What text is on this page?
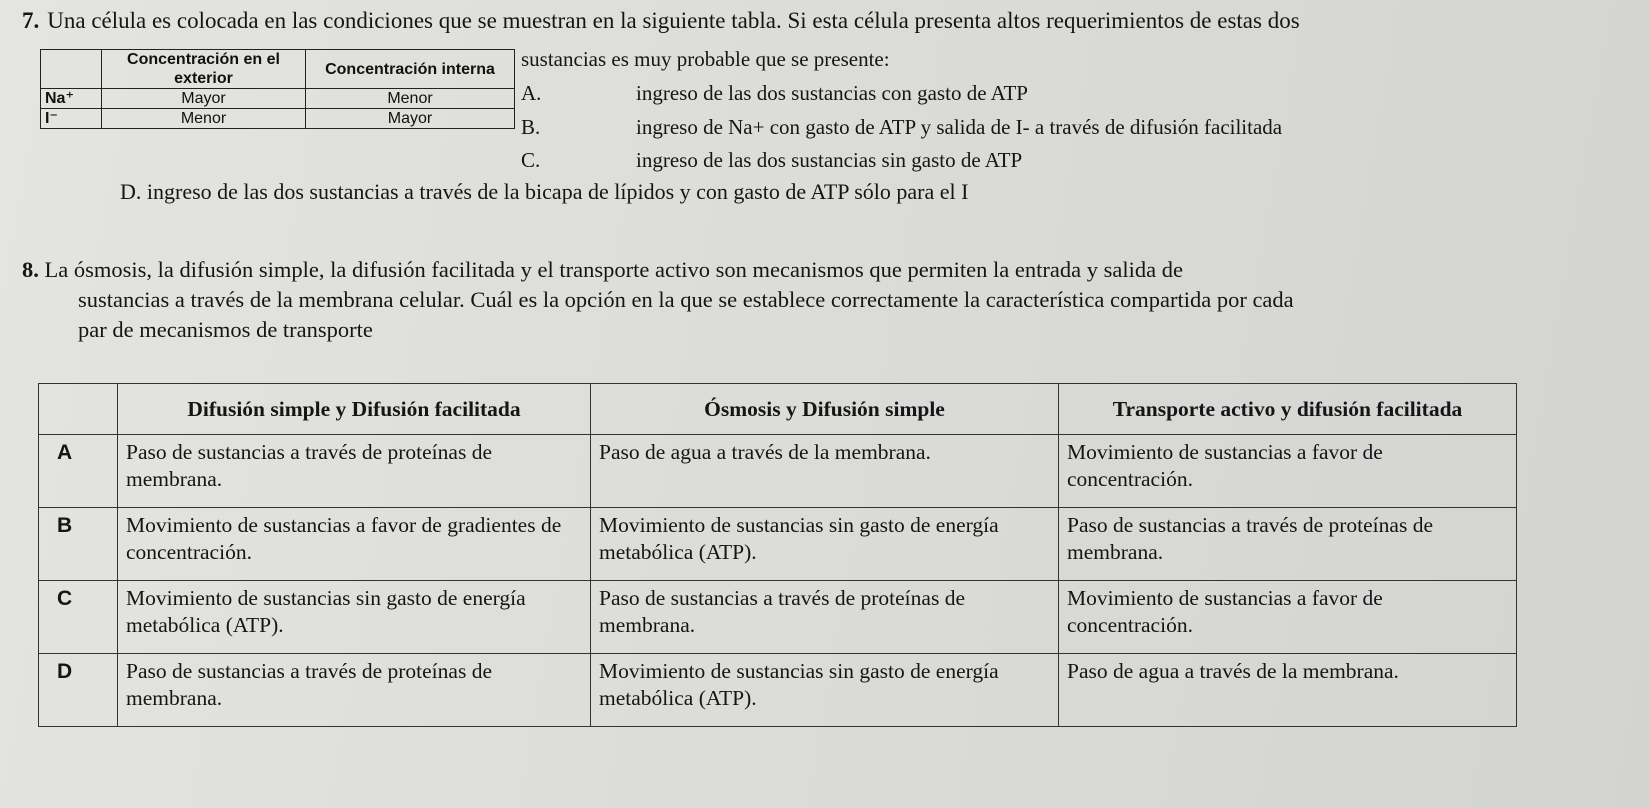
7. Una célula es colocada en las condiciones que se muestran en la siguiente tabla. Si esta célula presenta altos requerimientos de estas dos
	Concentración en el exterior	Concentración interna
Na⁺	Mayor	Menor
I⁻	Menor	Mayor
sustancias es muy probable que se presente:
A.	ingreso de las dos sustancias con gasto de ATP
B.	ingreso de Na+ con gasto de ATP y salida de I- a través de difusión facilitada
C.	ingreso de las dos sustancias sin gasto de ATP
D. ingreso de las dos sustancias a través de la bicapa de lípidos y con gasto de ATP sólo para el I
8. La ósmosis, la difusión simple, la difusión facilitada y el transporte activo son mecanismos que permiten la entrada y salida de
sustancias a través de la membrana celular. Cuál es la opción en la que se establece correctamente la característica compartida por cada
par de mecanismos de transporte
	Difusión simple y Difusión facilitada	Ósmosis y Difusión simple	Transporte activo y difusión facilitada
A	Paso de sustancias a través de proteínas de membrana.	Paso de agua a través de la membrana.	Movimiento de sustancias a favor de concentración.
B	Movimiento de sustancias a favor de gradientes de concentración.	Movimiento de sustancias sin gasto de energía metabólica (ATP).	Paso de sustancias a través de proteínas de membrana.
C	Movimiento de sustancias sin gasto de energía metabólica (ATP).	Paso de sustancias a través de proteínas de membrana.	Movimiento de sustancias a favor de concentración.
D	Paso de sustancias a través de proteínas de membrana.	Movimiento de sustancias sin gasto de energía metabólica (ATP).	Paso de agua a través de la membrana.
